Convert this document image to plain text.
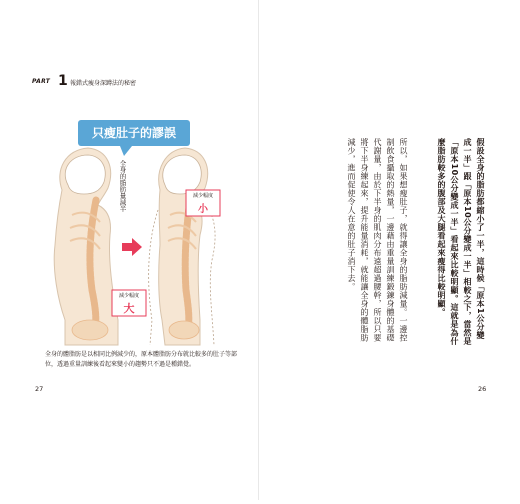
PART 1 報錯式瘦身深蹲法的秘密
只瘦肚子的謬誤
減少幅度
小
減少幅度
大
全身的脂肪量減半
全身的體脂肪是以相同比例減少的，原本體脂肪分布就比較多的肚子等部位，透過重量訓練後看起來變小的趨勢只不過是種錯覺。
27	26
假設全身的脂肪都縮小了一半，這時候「原本1公分變成一半」跟「原本10公分變成一半」相較之下，當然是「原本10公分變成一半」看起來比較明顯。這就是為什麼脂肪較多的腹部及大腿看起來瘦得比較明顯。
所以，如果想瘦肚子，就得讓全身的脂肪減量。一邊控制飲食攝取的熱量，一邊藉由重量訓練鍛鍊身體的基礎代謝量，由於下半身的肌肉分布遠超過腰幹，所以只要將下半身練起來，提升能量消耗，就能讓全身的體脂肪減少，進而促使令人在意的肚子消下去。
